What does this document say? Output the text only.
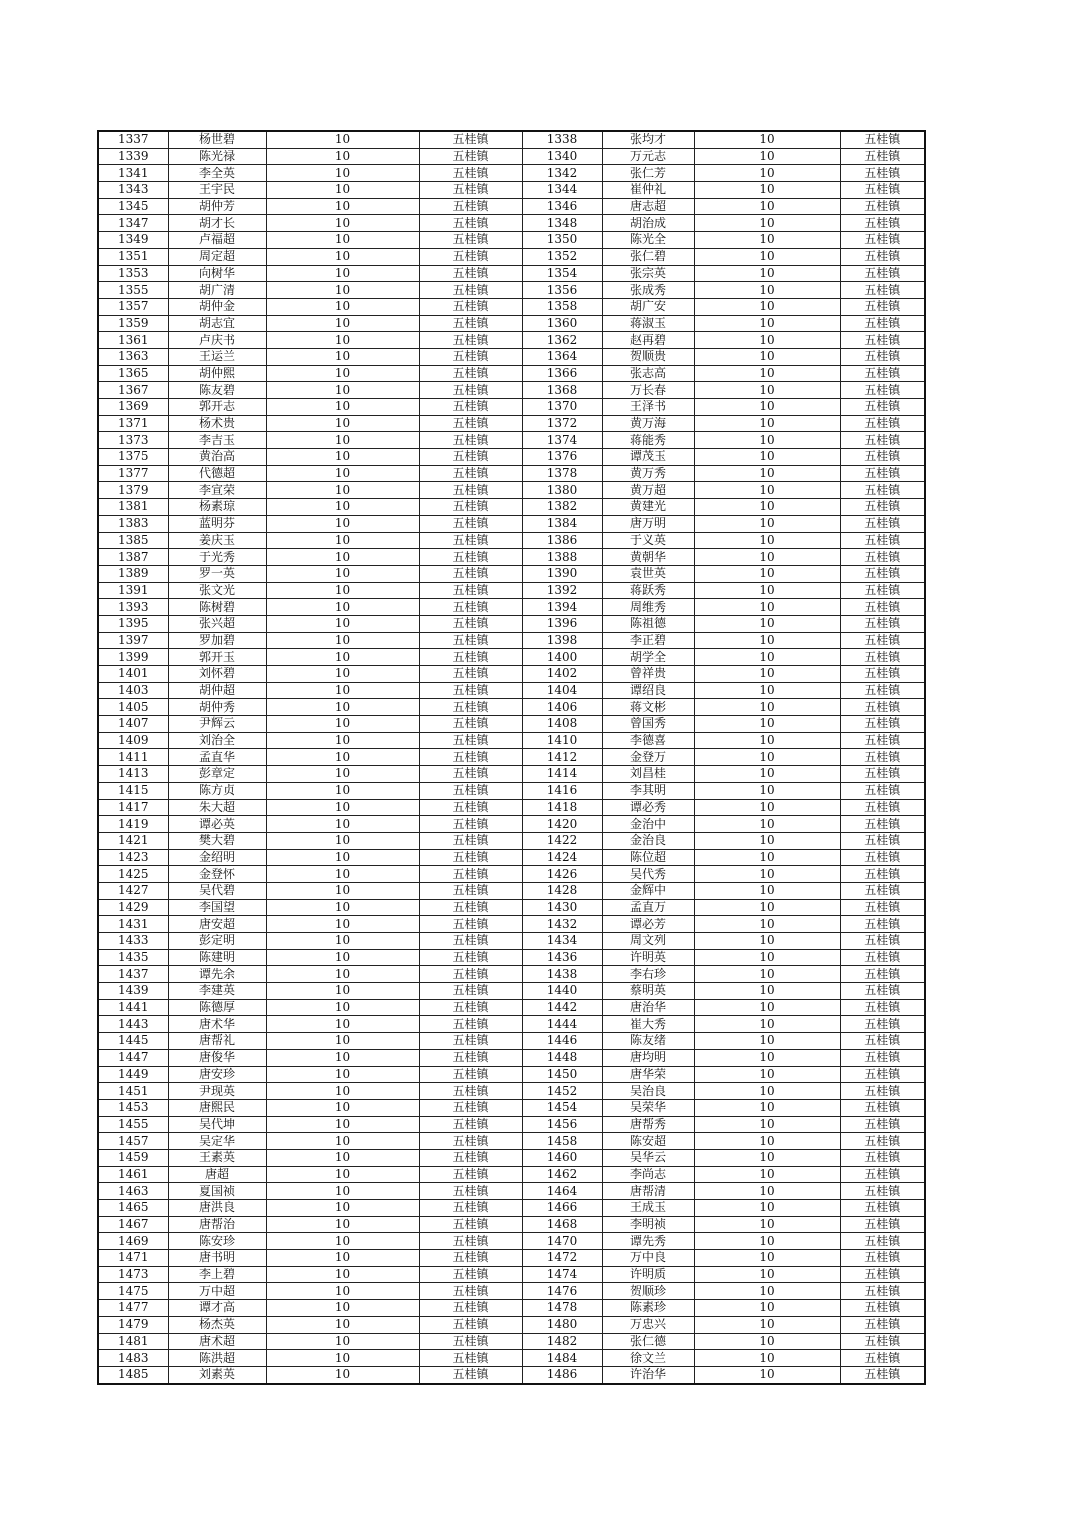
1337	杨世碧	10	五桂镇	1338	张均才	10	五桂镇
1339	陈光禄	10	五桂镇	1340	万元志	10	五桂镇
1341	李全英	10	五桂镇	1342	张仁芳	10	五桂镇
1343	王宇民	10	五桂镇	1344	崔仲礼	10	五桂镇
1345	胡仲芳	10	五桂镇	1346	唐志超	10	五桂镇
1347	胡才长	10	五桂镇	1348	胡治成	10	五桂镇
1349	卢福超	10	五桂镇	1350	陈光全	10	五桂镇
1351	周定超	10	五桂镇	1352	张仁碧	10	五桂镇
1353	向树华	10	五桂镇	1354	张宗英	10	五桂镇
1355	胡广清	10	五桂镇	1356	张成秀	10	五桂镇
1357	胡仲金	10	五桂镇	1358	胡广安	10	五桂镇
1359	胡志宜	10	五桂镇	1360	蒋淑玉	10	五桂镇
1361	卢庆书	10	五桂镇	1362	赵再碧	10	五桂镇
1363	王运兰	10	五桂镇	1364	贺顺贵	10	五桂镇
1365	胡仲熙	10	五桂镇	1366	张志高	10	五桂镇
1367	陈友碧	10	五桂镇	1368	万长春	10	五桂镇
1369	郭开志	10	五桂镇	1370	王泽书	10	五桂镇
1371	杨术贵	10	五桂镇	1372	黄万海	10	五桂镇
1373	李吉玉	10	五桂镇	1374	蒋能秀	10	五桂镇
1375	黄治高	10	五桂镇	1376	谭茂玉	10	五桂镇
1377	代德超	10	五桂镇	1378	黄万秀	10	五桂镇
1379	李宣荣	10	五桂镇	1380	黄万超	10	五桂镇
1381	杨素琼	10	五桂镇	1382	黄建光	10	五桂镇
1383	蓝明芬	10	五桂镇	1384	唐万明	10	五桂镇
1385	姜庆玉	10	五桂镇	1386	于义英	10	五桂镇
1387	于光秀	10	五桂镇	1388	黄朝华	10	五桂镇
1389	罗一英	10	五桂镇	1390	袁世英	10	五桂镇
1391	张文光	10	五桂镇	1392	蒋跃秀	10	五桂镇
1393	陈树碧	10	五桂镇	1394	周维秀	10	五桂镇
1395	张兴超	10	五桂镇	1396	陈祖德	10	五桂镇
1397	罗加碧	10	五桂镇	1398	李正碧	10	五桂镇
1399	郭开玉	10	五桂镇	1400	胡学全	10	五桂镇
1401	刘怀碧	10	五桂镇	1402	曾祥贵	10	五桂镇
1403	胡仲超	10	五桂镇	1404	谭绍良	10	五桂镇
1405	胡仲秀	10	五桂镇	1406	蒋文彬	10	五桂镇
1407	尹辉云	10	五桂镇	1408	曾国秀	10	五桂镇
1409	刘治全	10	五桂镇	1410	李德喜	10	五桂镇
1411	孟直华	10	五桂镇	1412	金登万	10	五桂镇
1413	彭章定	10	五桂镇	1414	刘昌桂	10	五桂镇
1415	陈方贞	10	五桂镇	1416	李其明	10	五桂镇
1417	朱大超	10	五桂镇	1418	谭必秀	10	五桂镇
1419	谭必英	10	五桂镇	1420	金治中	10	五桂镇
1421	樊大碧	10	五桂镇	1422	金治良	10	五桂镇
1423	金绍明	10	五桂镇	1424	陈位超	10	五桂镇
1425	金登怀	10	五桂镇	1426	吴代秀	10	五桂镇
1427	吴代碧	10	五桂镇	1428	金辉中	10	五桂镇
1429	李国望	10	五桂镇	1430	孟直万	10	五桂镇
1431	唐安超	10	五桂镇	1432	谭必芳	10	五桂镇
1433	彭定明	10	五桂镇	1434	周文列	10	五桂镇
1435	陈建明	10	五桂镇	1436	许明英	10	五桂镇
1437	谭先余	10	五桂镇	1438	李右珍	10	五桂镇
1439	李建英	10	五桂镇	1440	蔡明英	10	五桂镇
1441	陈德厚	10	五桂镇	1442	唐治华	10	五桂镇
1443	唐术华	10	五桂镇	1444	崔大秀	10	五桂镇
1445	唐帮礼	10	五桂镇	1446	陈友绪	10	五桂镇
1447	唐俊华	10	五桂镇	1448	唐均明	10	五桂镇
1449	唐安珍	10	五桂镇	1450	唐华荣	10	五桂镇
1451	尹现英	10	五桂镇	1452	吴治良	10	五桂镇
1453	唐熙民	10	五桂镇	1454	吴荣华	10	五桂镇
1455	吴代坤	10	五桂镇	1456	唐帮秀	10	五桂镇
1457	吴定华	10	五桂镇	1458	陈安超	10	五桂镇
1459	王素英	10	五桂镇	1460	吴华云	10	五桂镇
1461	唐超	10	五桂镇	1462	李尚志	10	五桂镇
1463	夏国祯	10	五桂镇	1464	唐帮清	10	五桂镇
1465	唐洪良	10	五桂镇	1466	王成玉	10	五桂镇
1467	唐帮治	10	五桂镇	1468	李明祯	10	五桂镇
1469	陈安珍	10	五桂镇	1470	谭先秀	10	五桂镇
1471	唐书明	10	五桂镇	1472	万中良	10	五桂镇
1473	李上碧	10	五桂镇	1474	许明质	10	五桂镇
1475	万中超	10	五桂镇	1476	贺顺珍	10	五桂镇
1477	谭才高	10	五桂镇	1478	陈素珍	10	五桂镇
1479	杨杰英	10	五桂镇	1480	万忠兴	10	五桂镇
1481	唐术超	10	五桂镇	1482	张仁德	10	五桂镇
1483	陈洪超	10	五桂镇	1484	徐文兰	10	五桂镇
1485	刘素英	10	五桂镇	1486	许治华	10	五桂镇
